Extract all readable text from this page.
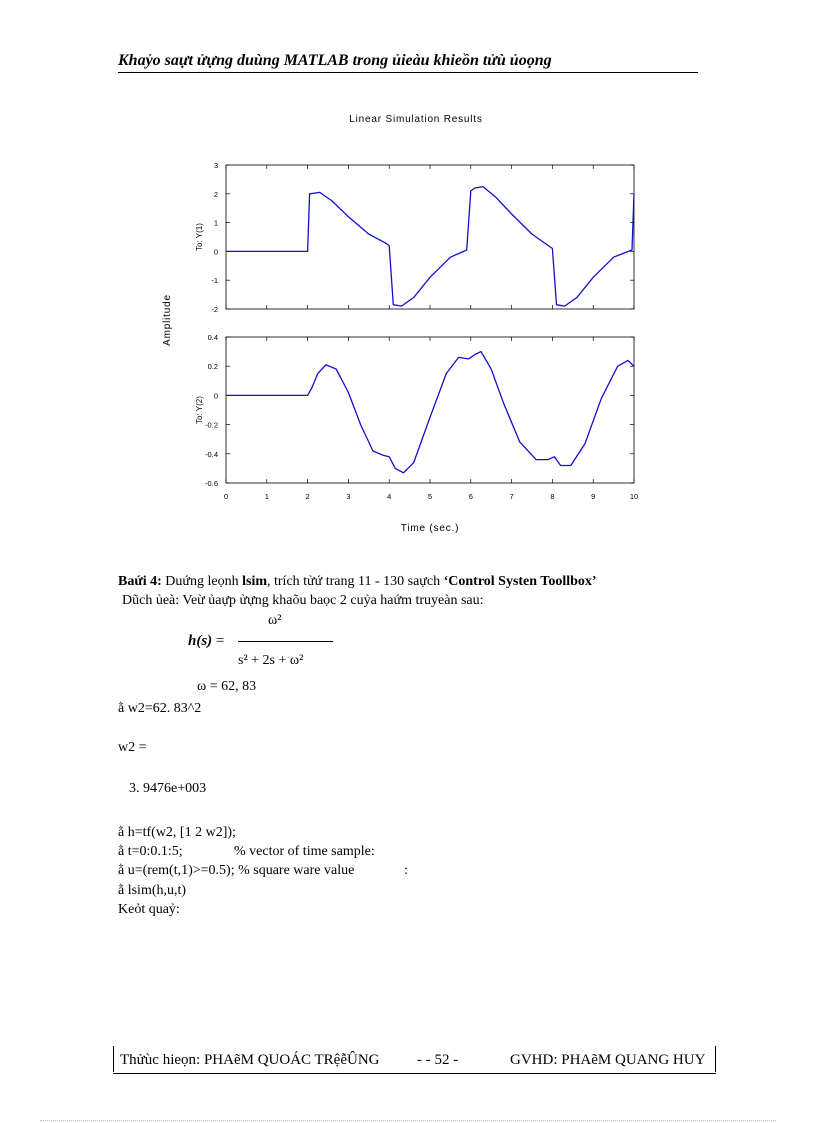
Khaỷo saựt ửựng duùng MATLAB trong ủieàu khieồn tửù ủoọng
Linear Simulation Results
Time (sec.)
Amplitude
3
2
1
0
-1
-2
To: Y(1)
0.4
0.2
0
-0.2
-0.4
-0.6
0	1	2	3	4	5	6	7	8	9	10
To: Y(2)
Baứi 4: Duứng leọnh lsim, trích tửứ trang 11 - 130 saựch ‘Control Systen Toollbox’
Dũch ủeà: Veừ ủaựp ửựng khaõu baọc 2 cuỷa haứm truyeàn sau:
h(s) =
ω²
s² + 2s + ω²
ω = 62, 83
ằ w2=62. 83^2
w2 =
3. 9476e+003
ằ h=tf(w2, [1 2 w2]);
ằ t=0:0.1:5;	% vector of time sample:
ằ u=(rem(t,1)>=0.5); % square ware value	:
ằ lsim(h,u,t)
Keỏt quaỷ:
Thửùc hieọn: PHAẽM QUOÁC TRệễÛNG	- - 52 -	GVHD: PHAẽM QUANG HUY
